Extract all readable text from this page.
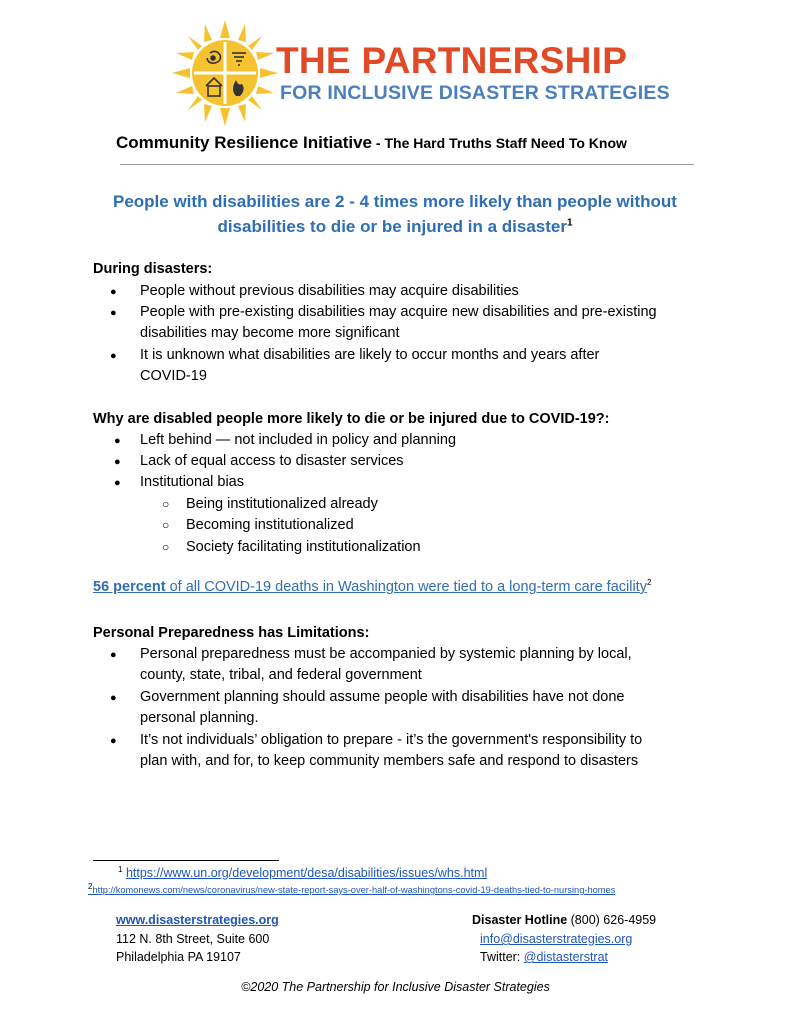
THE PARTNERSHIP
FOR INCLUSIVE DISASTER STRATEGIES
Community Resilience Initiative - The Hard Truths Staff Need To Know
People with disabilities are 2 - 4 times more likely than people without
disabilities to die or be injured in a disaster$^1$
During disasters:
● People without previous disabilities may acquire disabilities
● People with pre-existing disabilities may acquire new disabilities and pre-existing
disabilities may become more significant
● It is unknown what disabilities are likely to occur months and years after
COVID-19
Why are disabled people more likely to die or be injured due to COVID-19?:
● Left behind — not included in policy and planning
● Lack of equal access to disaster services
● Institutional bias
○ Being institutionalized already
○ Becoming institutionalized
○ Society facilitating institutionalization
56 percent of all COVID-19 deaths in Washington were tied to a long-term care facility$^2$
Personal Preparedness has Limitations:
● Personal preparedness must be accompanied by systemic planning by local,
county, state, tribal, and federal government
● Government planning should assume people with disabilities have not done
personal planning.
● It’s not individuals’ obligation to prepare - it’s the government's responsibility to
plan with, and for, to keep community members safe and respond to disasters
$^1$ https://www.un.org/development/desa/disabilities/issues/whs.html
$^2$http://komonews.com/news/coronavirus/new-state-report-says-over-half-of-washingtons-covid-19-deaths-tied-to-nursing-homes
www.disasterstrategies.org
112 N. 8th Street, Suite 600
Philadelphia PA 19107
Disaster Hotline (800) 626-4959
info@disasterstrategies.org
Twitter: @distasterstrat
©2020 The Partnership for Inclusive Disaster Strategies
